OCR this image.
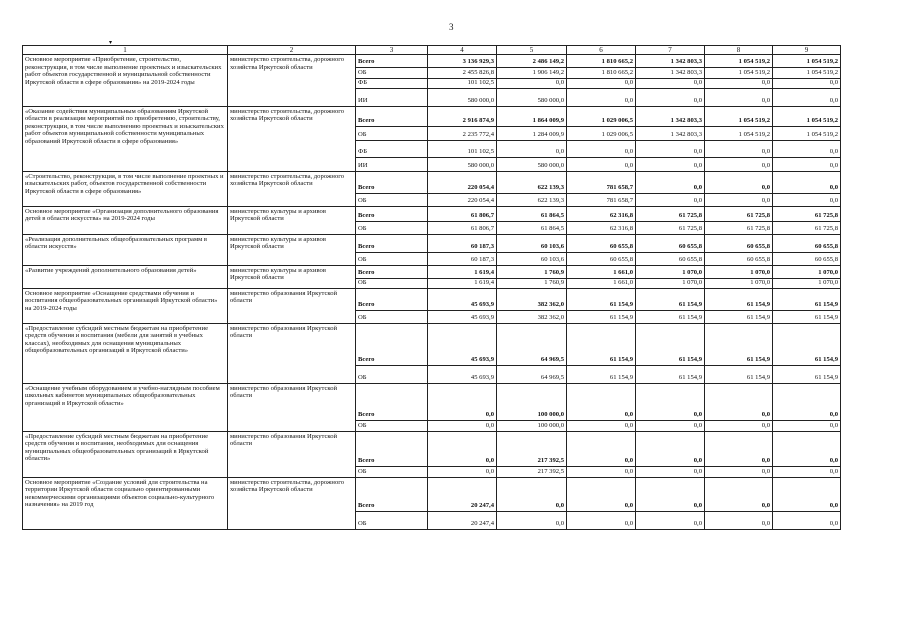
3
▾
1	2	3	4	5	6	7	8	9
Основное мероприятие «Приобретение, строительство, реконструкция, в том числе выполнение проектных и изыскательских работ объектов государственной и муниципальной собственности Иркутской области в сфере образования» на 2019-2024 годы	министерство строительства, дорожного хозяйства Иркутской области	Всего	3 136 929,3	2 486 149,2	1 810 665,2	1 342 803,3	1 054 519,2	1 054 519,2
		ОБ	2 455 826,8	1 906 149,2	1 810 665,2	1 342 803,3	1 054 519,2	1 054 519,2
		ФБ	101 102,5	0,0	0,0	0,0	0,0	0,0
		ИИ	580 000,0	580 000,0	0,0	0,0	0,0	0,0
«Оказание содействия муниципальным образованиям Иркутской области в реализации мероприятий по приобретению, строительству, реконструкции, в том числе выполнению проектных и изыскательских работ объектов муниципальной собственности муниципальных образований Иркутской области в сфере образования»	министерство строительства, дорожного хозяйства Иркутской области	Всего	2 916 874,9	1 864 009,9	1 029 006,5	1 342 803,3	1 054 519,2	1 054 519,2
		ОБ	2 235 772,4	1 284 009,9	1 029 006,5	1 342 803,3	1 054 519,2	1 054 519,2
		ФБ	101 102,5	0,0	0,0	0,0	0,0	0,0
		ИИ	580 000,0	580 000,0	0,0	0,0	0,0	0,0
«Строительство, реконструкция, в том числе выполнение проектных и изыскательских работ, объектов государственной собственности Иркутской области в сфере образования»	министерство строительства, дорожного хозяйства Иркутской области	Всего	220 054,4	622 139,3	781 658,7	0,0	0,0	0,0
		ОБ	220 054,4	622 139,3	781 658,7	0,0	0,0	0,0
Основное мероприятие «Организация дополнительного образования детей в области искусства» на 2019-2024 годы	министерство культуры и архивов Иркутской области	Всего	61 806,7	61 864,5	62 316,8	61 725,8	61 725,8	61 725,8
		ОБ	61 806,7	61 864,5	62 316,8	61 725,8	61 725,8	61 725,8
«Реализация дополнительных общеобразовательных программ в области искусств»	министерство культуры и архивов Иркутской области	Всего	60 187,3	60 103,6	60 655,8	60 655,8	60 655,8	60 655,8
		ОБ	60 187,3	60 103,6	60 655,8	60 655,8	60 655,8	60 655,8
«Развитие учреждений дополнительного образования детей»	министерство культуры и архивов Иркутской области	Всего	1 619,4	1 760,9	1 661,0	1 070,0	1 070,0	1 070,0
		ОБ	1 619,4	1 760,9	1 661,0	1 070,0	1 070,0	1 070,0
Основное мероприятие «Оснащение средствами обучения и воспитания общеобразовательных организаций Иркутской области» на 2019-2024 годы	министерство образования Иркутской области	Всего	45 693,9	382 362,0	61 154,9	61 154,9	61 154,9	61 154,9
		ОБ	45 693,9	382 362,0	61 154,9	61 154,9	61 154,9	61 154,9
«Предоставление субсидий местным бюджетам на приобретение средств обучения и воспитания (мебели для занятий в учебных классах), необходимых для оснащения муниципальных общеобразовательных организаций в Иркутской области»	министерство образования Иркутской области	Всего	45 693,9	64 969,5	61 154,9	61 154,9	61 154,9	61 154,9
		ОБ	45 693,9	64 969,5	61 154,9	61 154,9	61 154,9	61 154,9
«Оснащение учебным оборудованием и учебно-наглядным пособием школьных кабинетов муниципальных общеобразовательных организаций в Иркутской области»	министерство образования Иркутской области	Всего	0,0	100 000,0	0,0	0,0	0,0	0,0
		ОБ	0,0	100 000,0	0,0	0,0	0,0	0,0
«Предоставление субсидий местным бюджетам на приобретение средств обучения и воспитания, необходимых для оснащения муниципальных общеобразовательных организаций в Иркутской области»	министерство образования Иркутской области	Всего	0,0	217 392,5	0,0	0,0	0,0	0,0
		ОБ	0,0	217 392,5	0,0	0,0	0,0	0,0
Основное мероприятие «Создание условий для строительства на территории Иркутской области социально ориентированными некоммерческими организациями объектов социально-культурного назначения» на 2019 год	министерство строительства, дорожного хозяйства Иркутской области	Всего	20 247,4	0,0	0,0	0,0	0,0	0,0
		ОБ	20 247,4	0,0	0,0	0,0	0,0	0,0
